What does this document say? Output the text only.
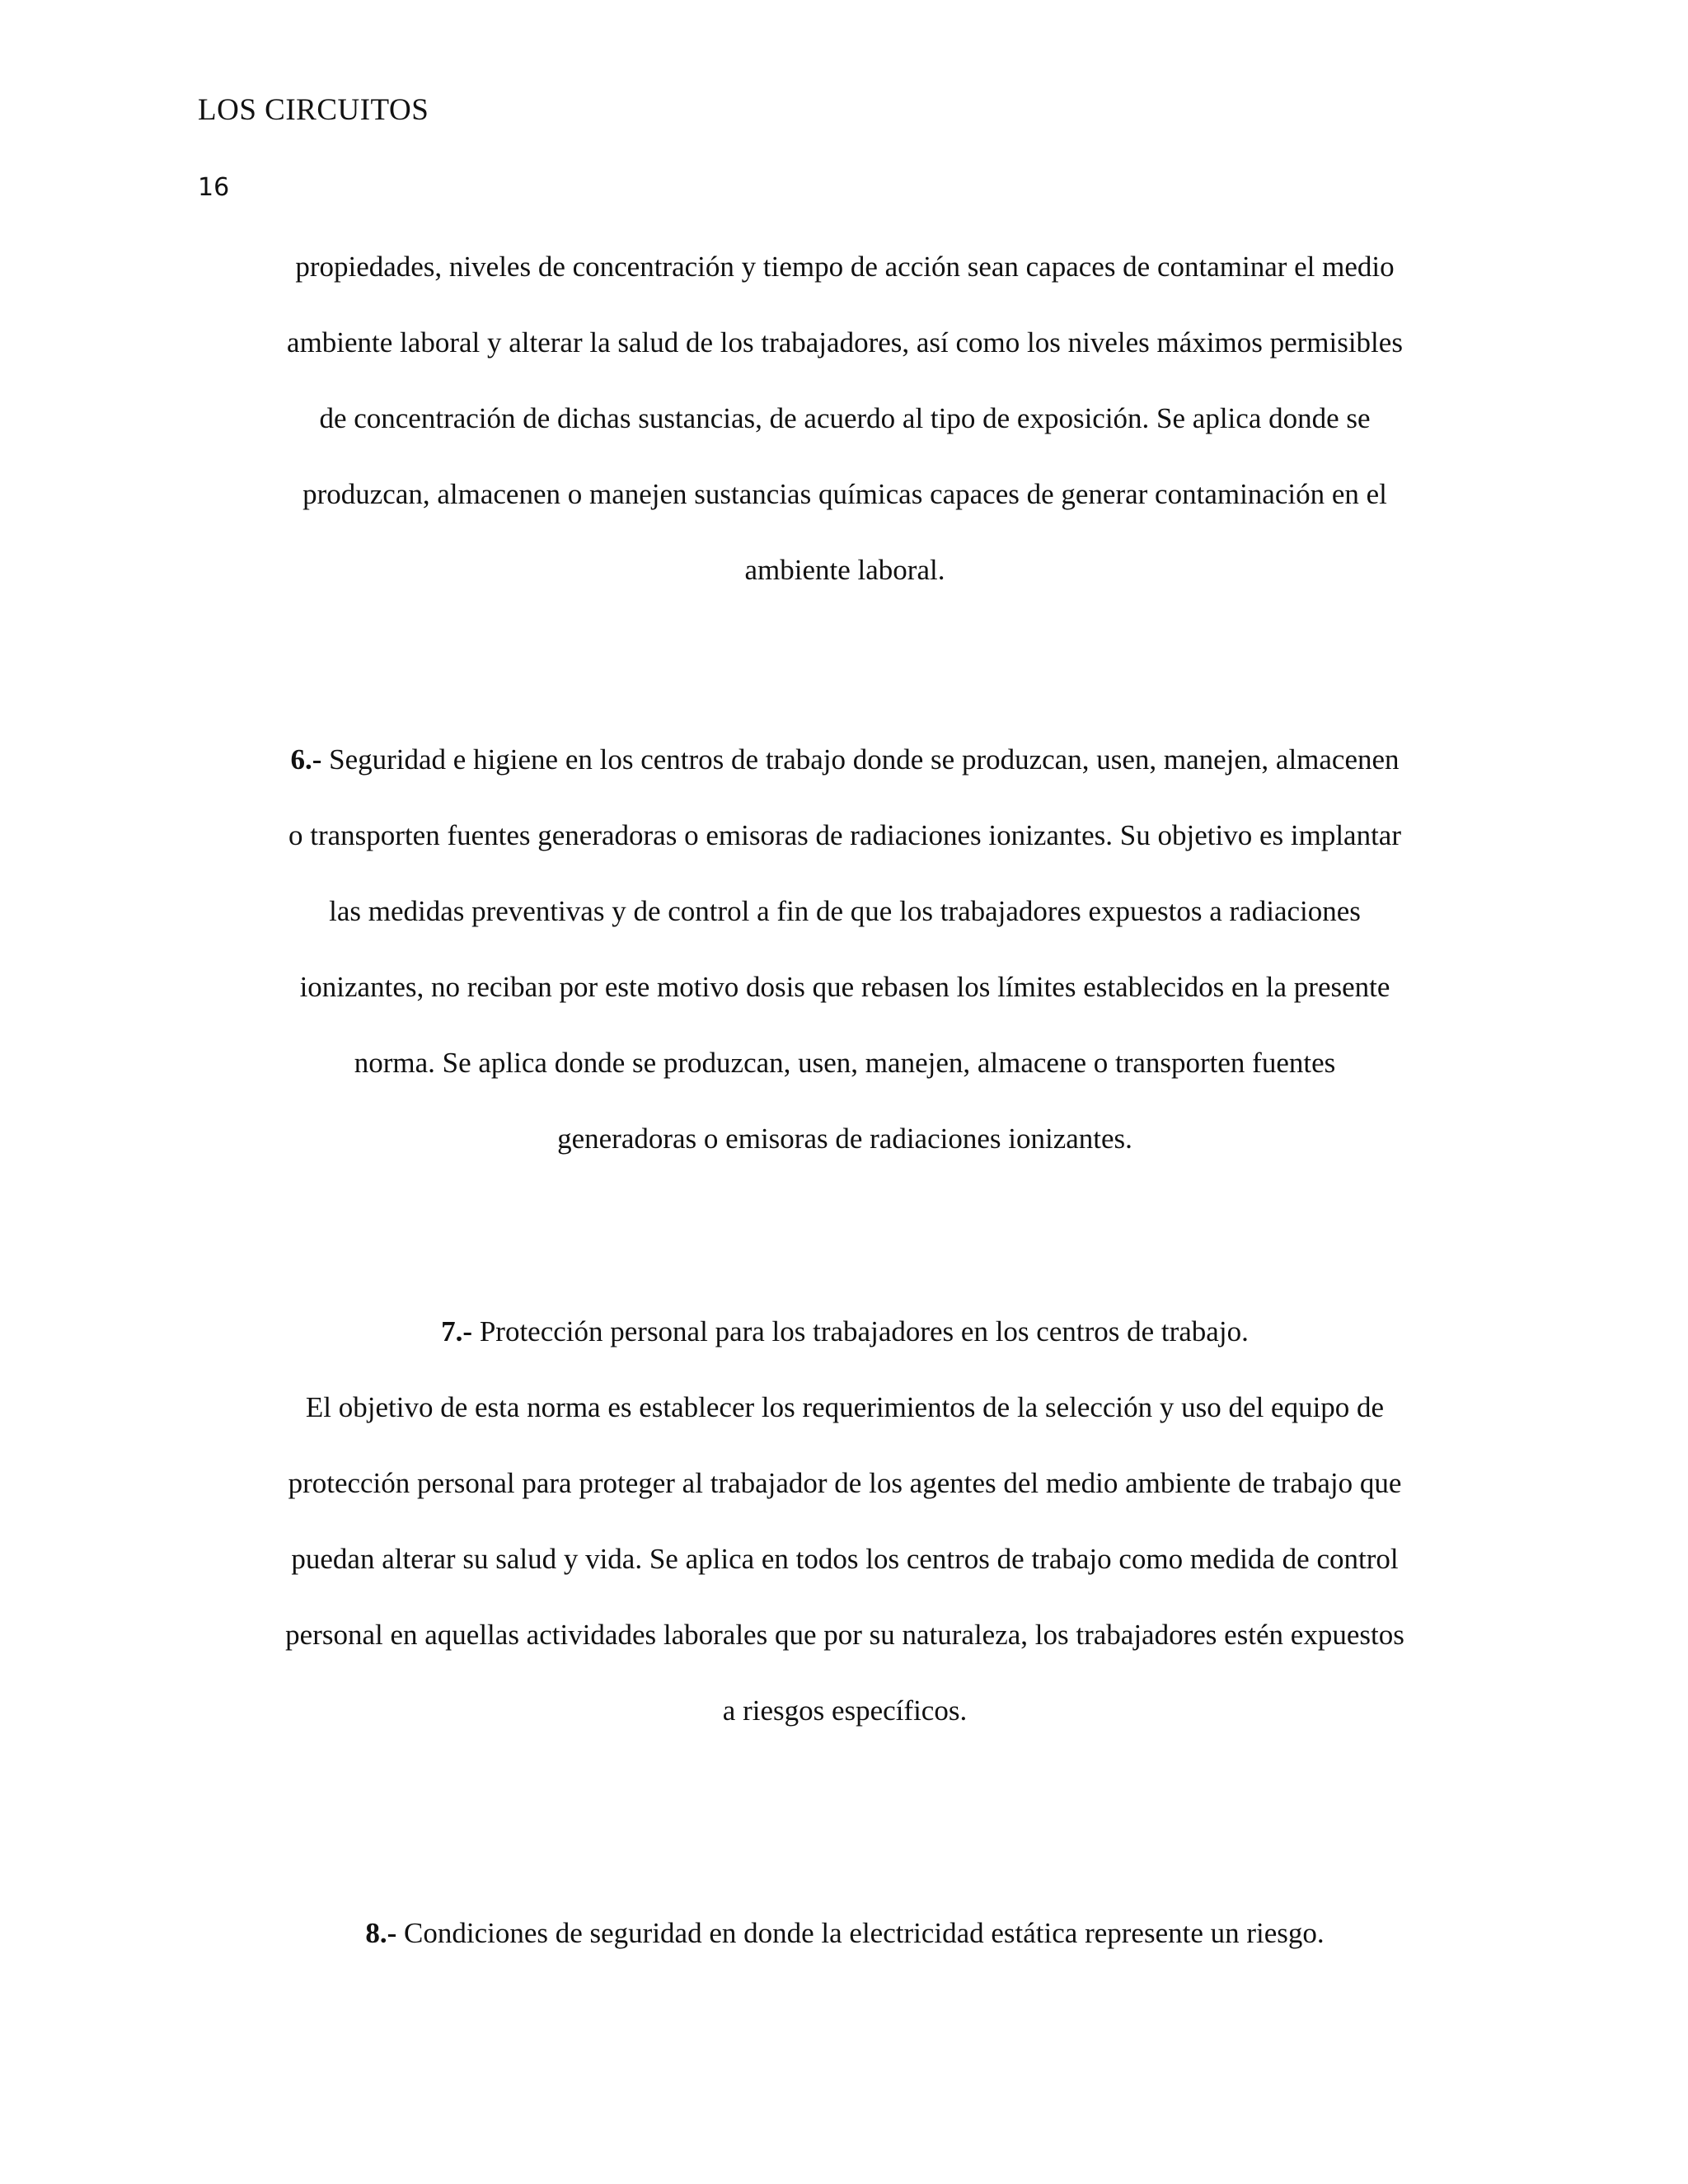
LOS CIRCUITOS
16
propiedades, niveles de concentración y tiempo de acción sean capaces de contaminar el medio
ambiente laboral y alterar la salud de los trabajadores, así como los niveles máximos permisibles
de concentración de dichas sustancias, de acuerdo al tipo de exposición. Se aplica donde se
produzcan, almacenen o manejen sustancias químicas capaces de generar contaminación en el
ambiente laboral.
6.- Seguridad e higiene en los centros de trabajo donde se produzcan, usen, manejen, almacenen
o transporten fuentes generadoras o emisoras de radiaciones ionizantes. Su objetivo es implantar
las medidas preventivas y de control a fin de que los trabajadores expuestos a radiaciones
ionizantes, no reciban por este motivo dosis que rebasen los límites establecidos en la presente
norma. Se aplica donde se produzcan, usen, manejen, almacene o transporten fuentes
generadoras o emisoras de radiaciones ionizantes.
7.- Protección personal para los trabajadores en los centros de trabajo.
El objetivo de esta norma es establecer los requerimientos de la selección y uso del equipo de
protección personal para proteger al trabajador de los agentes del medio ambiente de trabajo que
puedan alterar su salud y vida. Se aplica en todos los centros de trabajo como medida de control
personal en aquellas actividades laborales que por su naturaleza, los trabajadores estén expuestos
a riesgos específicos.
8.- Condiciones de seguridad en donde la electricidad estática represente un riesgo.
